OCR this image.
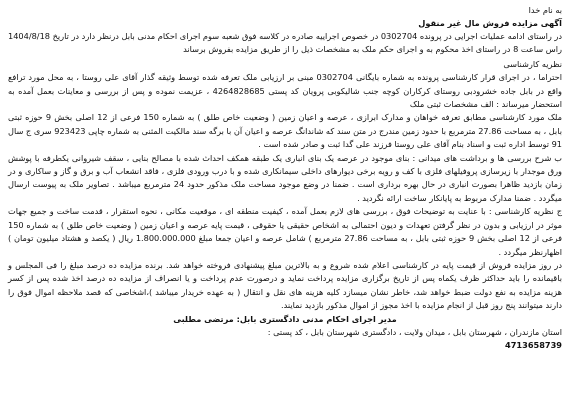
به نام خدا
آگهی مزایده فروش مال غیر منقول

در راستای ادامه عملیات اجرایی در پرونده 0302704 در خصوص اجراییه صادره در کلاسه فوق شعبه سوم اجرای احکام مدنی بابل درنظر دارد در تاریخ 1404/8/18 راس ساعت 8 در راستای اخذ محکوم به و اجرای حکم ملک به مشخصات ذیل را از طریق مزایده بفروش برساند

نظریه کارشناسی

احتراما ، در اجرای قرار کارشناسی پرونده به شماره بایگانی 0302704 مبنی بر ارزیابی ملک تعرفه شده توسط وثیقه گذار آقای علی روستا ، به محل مورد ترافع واقع در بابل جاده خشرودبی روستای کرکاران کوچه جنب شالیکوبی پرویان کد پستی 4264828685 ، عزیمت نموده و پس از بررسی و معاینات بعمل آمده به استحضار میرساند : الف مشخصات ثبتی ملک

ملک مورد کارشناسی مطابق تعرفه خواهان و مدارک ابرازی ، عرصه و اعیان زمین ( وضعیت خاص طلق ) به شماره 150 فرعی از 12 اصلی بخش 9 حوزه ثبتی بابل ، به مساحت 27.86 مترمربع با حدود زمین مندرج در متن سند که شاندانگ عرصه و اعیان آن با برگه سند مالکیت المثنی به شماره چاپی 923423 سری ج سال 91 توسط اداره ثبت و اسناد بنام آقای علی روستا فرزند علی گدا ثبت و صادر شده است .

ب شرح بررسی ها و برداشت های میدانی : بنای موجود در عرصه یک بنای انباری یک طبقه همکف احداث شده با مصالح بنایی ، سقف شیروانی یکطرفه با پوشش ورق موجدار با زیرسازی پروفیلهای فلزی با کف و رویه برخی دیوارهای داخلی سیمانکاری شده و با درب ورودی فلزی ، فاقد انشعاب آب و برق و گاز و ساکاری و در زمان بازدید ظاهرا بصورت انباری در حال بهره برداری است . ضمنا در وضع موجود مساحت ملک مذکور حدود 24 مترمربع میباشد . تصاویر ملک به پیوست ارسال میگردد . ضمنا مدارک مربوط به پایانکار ساخت ارائه نگردید .

ج نظریه کارشناسی : با عنایت به توضیحات فوق ، بررسی های لازم بعمل آمده ، کیفیت منطقه ای ، موقعیت مکانی ، نحوه استقرار ، قدمت ساخت و جمیع جهات موثر در ارزیابی و بدون در نظر گرفتن تعهدات و دیون احتمالی به اشخاص حقیقی یا حقوقی ، قیمت پایه عرصه و اعیان زمین ( وضعیت خاص طلق ) به شماره 150 فرعی از 12 اصلی بخش 9 حوزه ثبتی بابل ، به مساحت 27.86 مترمربع ) شامل عرصه و اعیان جمعا مبلغ 1.800.000.000 ریال ( یکصد و هشتاد میلیون تومان ) اظهارنظر میگردد .

در روز مزایده فروش از قیمت پایه در کارشناسی اعلام شده شروع و به بالاترین مبلغ پیشنهادی فروخته خواهد شد. برنده مزایده ده درصد مبلغ را فی المجلس و باقیمانده را باید حداکثر ظرف یکماه پس از تاریخ برگزاری مزایده پرداخت نماید و درصورت عدم پرداخت و یا انصراف از مزایده ده درصد اخذ شده پس از کسر هزینه مزایده به نفع دولت ضبط خواهد شد، خاطر نشان میسازد کلیه هزینه های نقل و انتقال ( به عهده خریدار میباشد )،اشخاصی که قصد ملاحظه اموال فوق را دارند میتوانند پنج روز قبل از انجام مزایده با اخذ مجوز از اموال مذکور بازدید نمایند.

مدیر اجرای احکام مدنی دادگستری بابل: مرتضی مطلبی
استان مازندران ، شهرستان بابل ، میدان ولایت ، دادگستری شهرستان بابل ، کد پستی :
4713658739
